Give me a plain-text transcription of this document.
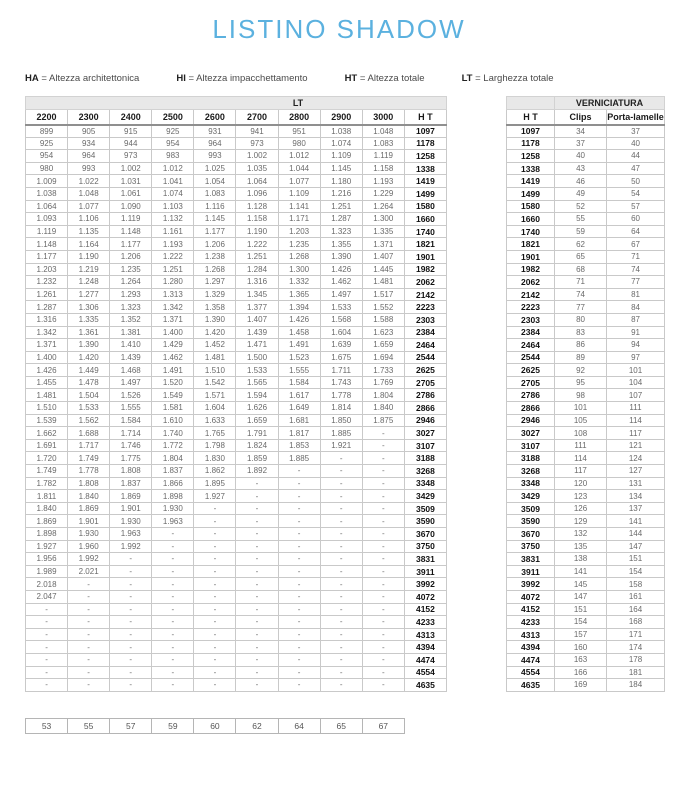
LISTINO SHADOW
HA = Altezza architettonica	HI = Altezza impacchettamento	HT = Altezza totale	LT = Larghezza totale
LT									
2200	2300	2400	2500	2600	2700	2800	2900	3000	H T
899	905	915	925	931	941	951	1.038	1.048	1097
925	934	944	954	964	973	980	1.074	1.083	1178
954	964	973	983	993	1.002	1.012	1.109	1.119	1258
980	993	1.002	1.012	1.025	1.035	1.044	1.145	1.158	1338
1.009	1.022	1.031	1.041	1.054	1.064	1.077	1.180	1.193	1419
1.038	1.048	1.061	1.074	1.083	1.096	1.109	1.216	1.229	1499
1.064	1.077	1.090	1.103	1.116	1.128	1.141	1.251	1.264	1580
1.093	1.106	1.119	1.132	1.145	1.158	1.171	1.287	1.300	1660
1.119	1.135	1.148	1.161	1.177	1.190	1.203	1.323	1.335	1740
1.148	1.164	1.177	1.193	1.206	1.222	1.235	1.355	1.371	1821
1.177	1.190	1.206	1.222	1.238	1.251	1.268	1.390	1.407	1901
1.203	1.219	1.235	1.251	1.268	1.284	1.300	1.426	1.445	1982
1.232	1.248	1.264	1.280	1.297	1.316	1.332	1.462	1.481	2062
1.261	1.277	1.293	1.313	1.329	1.345	1.365	1.497	1.517	2142
1.287	1.306	1.323	1.342	1.358	1.377	1.394	1.533	1.552	2223
1.316	1.335	1.352	1.371	1.390	1.407	1.426	1.568	1.588	2303
1.342	1.361	1.381	1.400	1.420	1.439	1.458	1.604	1.623	2384
1.371	1.390	1.410	1.429	1.452	1.471	1.491	1.639	1.659	2464
1.400	1.420	1.439	1.462	1.481	1.500	1.523	1.675	1.694	2544
1.426	1.449	1.468	1.491	1.510	1.533	1.555	1.711	1.733	2625
1.455	1.478	1.497	1.520	1.542	1.565	1.584	1.743	1.769	2705
1.481	1.504	1.526	1.549	1.571	1.594	1.617	1.778	1.804	2786
1.510	1.533	1.555	1.581	1.604	1.626	1.649	1.814	1.840	2866
1.539	1.562	1.584	1.610	1.633	1.659	1.681	1.850	1.875	2946
1.662	1.688	1.714	1.740	1.765	1.791	1.817	1.885	-	3027
1.691	1.717	1.746	1.772	1.798	1.824	1.853	1.921	-	3107
1.720	1.749	1.775	1.804	1.830	1.859	1.885	-	-	3188
1.749	1.778	1.808	1.837	1.862	1.892	-	-	-	3268
1.782	1.808	1.837	1.866	1.895	-	-	-	-	3348
1.811	1.840	1.869	1.898	1.927	-	-	-	-	3429
1.840	1.869	1.901	1.930	-	-	-	-	-	3509
1.869	1.901	1.930	1.963	-	-	-	-	-	3590
1.898	1.930	1.963	-	-	-	-	-	-	3670
1.927	1.960	1.992	-	-	-	-	-	-	3750
1.956	1.992	-	-	-	-	-	-	-	3831
1.989	2.021	-	-	-	-	-	-	-	3911
2.018	-	-	-	-	-	-	-	-	3992
2.047	-	-	-	-	-	-	-	-	4072
-	-	-	-	-	-	-	-	-	4152
-	-	-	-	-	-	-	-	-	4233
-	-	-	-	-	-	-	-	-	4313
-	-	-	-	-	-	-	-	-	4394
-	-	-	-	-	-	-	-	-	4474
-	-	-	-	-	-	-	-	-	4554
-	-	-	-	-	-	-	-	-	4635
	VERNICIATURA	
H T	Clips	Porta-lamelle
1097	34	37
1178	37	40
1258	40	44
1338	43	47
1419	46	50
1499	49	54
1580	52	57
1660	55	60
1740	59	64
1821	62	67
1901	65	71
1982	68	74
2062	71	77
2142	74	81
2223	77	84
2303	80	87
2384	83	91
2464	86	94
2544	89	97
2625	92	101
2705	95	104
2786	98	107
2866	101	111
2946	105	114
3027	108	117
3107	111	121
3188	114	124
3268	117	127
3348	120	131
3429	123	134
3509	126	137
3590	129	141
3670	132	144
3750	135	147
3831	138	151
3911	141	154
3992	145	158
4072	147	161
4152	151	164
4233	154	168
4313	157	171
4394	160	174
4474	163	178
4554	166	181
4635	169	184
53	55	57	59	60	62	64	65	67
